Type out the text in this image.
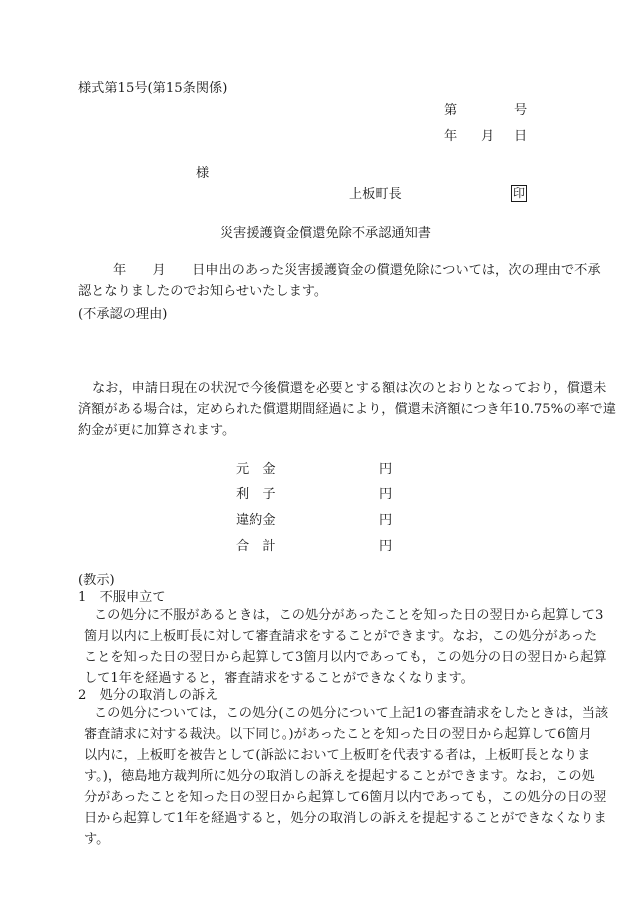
様式第15号(第15条関係)
第	号
年 月 日
様
上板町長	印
災害援護資金償還免除不承認通知書
年　　月　　日申出のあった災害援護資金の償還免除については，次の理由で不承
認となりましたのでお知らせいたします。
(不承認の理由)
なお，申請日現在の状況で今後償還を必要とする額は次のとおりとなっており，償還未
済額がある場合は，定められた償還期間経過により，償還未済額につき年10.75%の率で違
約金が更に加算されます。
元　金	円
利　子	円
違約金	円
合　計	円
(教示)
1　不服申立て
この処分に不服があるときは，この処分があったことを知った日の翌日から起算して3
箇月以内に上板町長に対して審査請求をすることができます。なお，この処分があった
ことを知った日の翌日から起算して3箇月以内であっても，この処分の日の翌日から起算
して1年を経過すると，審査請求をすることができなくなります。
2　処分の取消しの訴え
この処分については，この処分(この処分について上記1の審査請求をしたときは，当該
審査請求に対する裁決。以下同じ。)があったことを知った日の翌日から起算して6箇月
以内に，上板町を被告として(訴訟において上板町を代表する者は，上板町長となりま
す。)，徳島地方裁判所に処分の取消しの訴えを提起することができます。なお，この処
分があったことを知った日の翌日から起算して6箇月以内であっても，この処分の日の翌
日から起算して1年を経過すると，処分の取消しの訴えを提起することができなくなりま
す。
